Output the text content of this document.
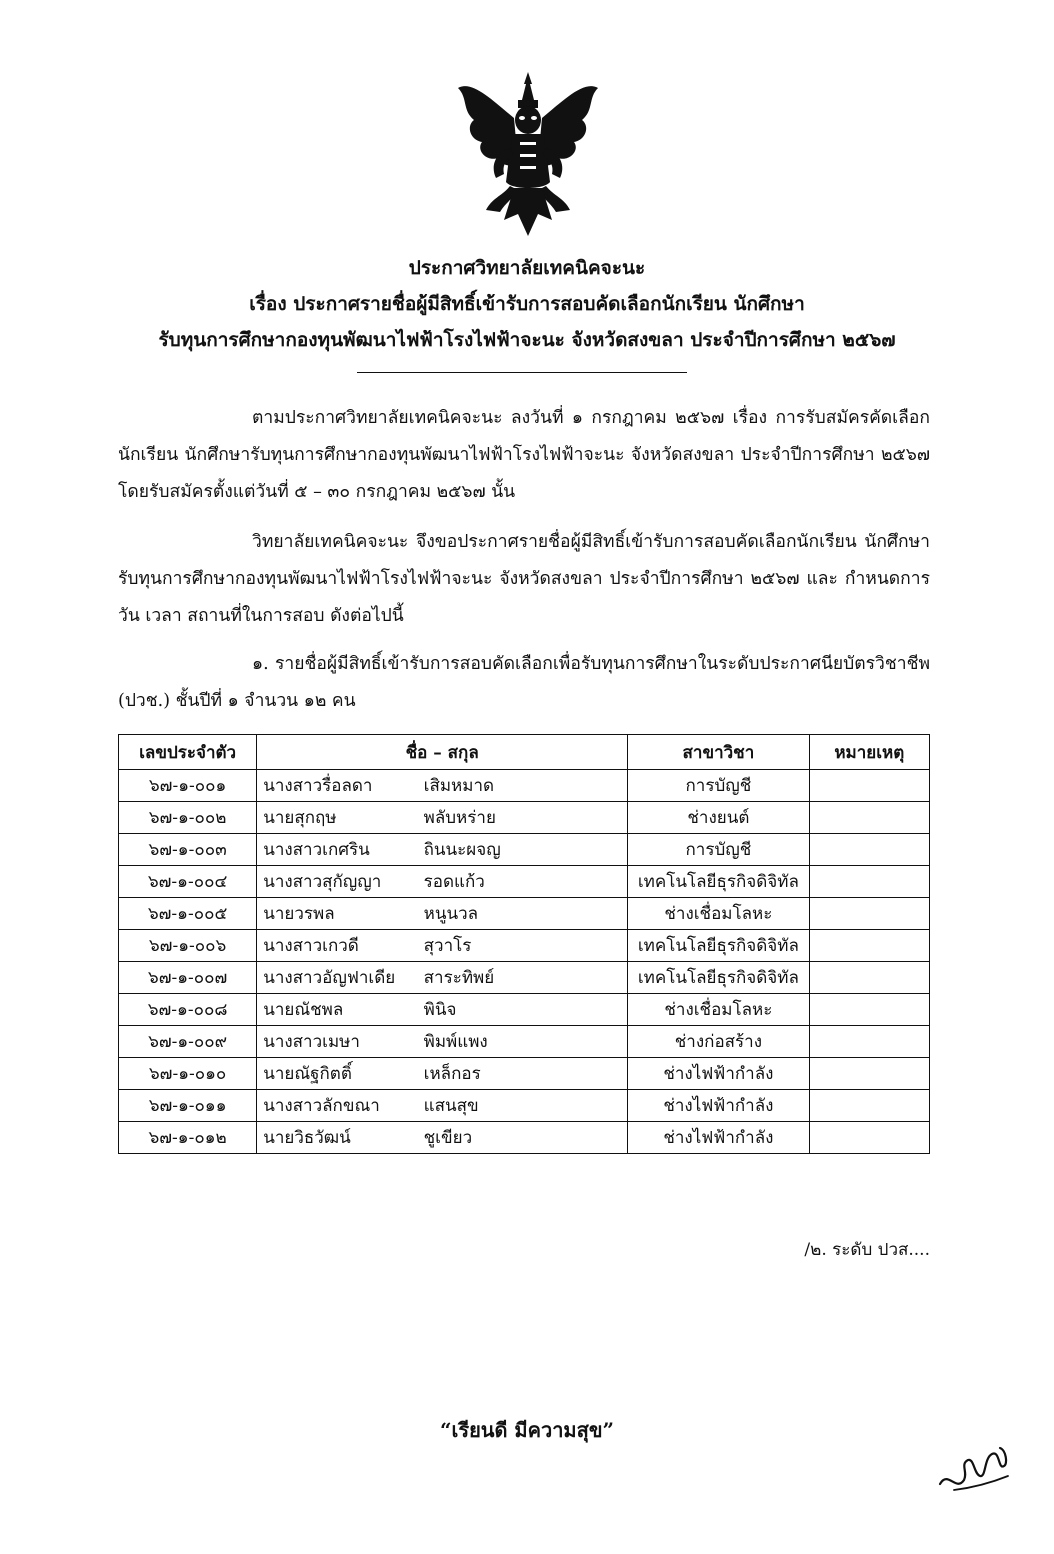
ประกาศวิทยาลัยเทคนิคจะนะ
เรื่อง ประกาศรายชื่อผู้มีสิทธิ์เข้ารับการสอบคัดเลือกนักเรียน นักศึกษา
รับทุนการศึกษากองทุนพัฒนาไฟฟ้าโรงไฟฟ้าจะนะ จังหวัดสงขลา ประจำปีการศึกษา ๒๕๖๗
ตามประกาศวิทยาลัยเทคนิคจะนะ ลงวันที่ ๑ กรกฎาคม ๒๕๖๗ เรื่อง การรับสมัครคัดเลือก นักเรียน นักศึกษารับทุนการศึกษากองทุนพัฒนาไฟฟ้าโรงไฟฟ้าจะนะ จังหวัดสงขลา ประจำปีการศึกษา ๒๕๖๗ โดยรับสมัครตั้งแต่วันที่ ๕ – ๓๐ กรกฎาคม ๒๕๖๗ นั้น
วิทยาลัยเทคนิคจะนะ จึงขอประกาศรายชื่อผู้มีสิทธิ์เข้ารับการสอบคัดเลือกนักเรียน นักศึกษา รับทุนการศึกษากองทุนพัฒนาไฟฟ้าโรงไฟฟ้าจะนะ จังหวัดสงขลา ประจำปีการศึกษา ๒๕๖๗ และ กำหนดการ วัน เวลา สถานที่ในการสอบ ดังต่อไปนี้
๑. รายชื่อผู้มีสิทธิ์เข้ารับการสอบคัดเลือกเพื่อรับทุนการศึกษาในระดับประกาศนียบัตรวิชาชีพ (ปวช.) ชั้นปีที่ ๑ จำนวน ๑๒ คน
เลขประจำตัว	ชื่อ – สกุล		สาขาวิชา	หมายเหตุ
๖๗-๑-๐๐๑	นางสาวรื่อลดา	เสิมหมาด	การบัญชี	
๖๗-๑-๐๐๒	นายสุกฤษ	พลับหร่าย	ช่างยนต์	
๖๗-๑-๐๐๓	นางสาวเกศริน	ถินนะผจญ	การบัญชี	
๖๗-๑-๐๐๔	นางสาวสุกัญญา	รอดแก้ว	เทคโนโลยีธุรกิจดิจิทัล	
๖๗-๑-๐๐๕	นายวรพล	หนูนวล	ช่างเชื่อมโลหะ	
๖๗-๑-๐๐๖	นางสาวเกวดี	สุวาโร	เทคโนโลยีธุรกิจดิจิทัล	
๖๗-๑-๐๐๗	นางสาวอัญฟาเดีย	สาระทิพย์	เทคโนโลยีธุรกิจดิจิทัล	
๖๗-๑-๐๐๘	นายณัชพล	พินิจ	ช่างเชื่อมโลหะ	
๖๗-๑-๐๐๙	นางสาวเมษา	พิมพ์แพง	ช่างก่อสร้าง	
๖๗-๑-๐๑๐	นายณัฐกิตติ์	เหล็กอร	ช่างไฟฟ้ากำลัง	
๖๗-๑-๐๑๑	นางสาวลักขณา	แสนสุข	ช่างไฟฟ้ากำลัง	
๖๗-๑-๐๑๒	นายวิธวัฒน์	ชูเขียว	ช่างไฟฟ้ากำลัง	
/๒. ระดับ ปวส....
“เรียนดี มีความสุข”
